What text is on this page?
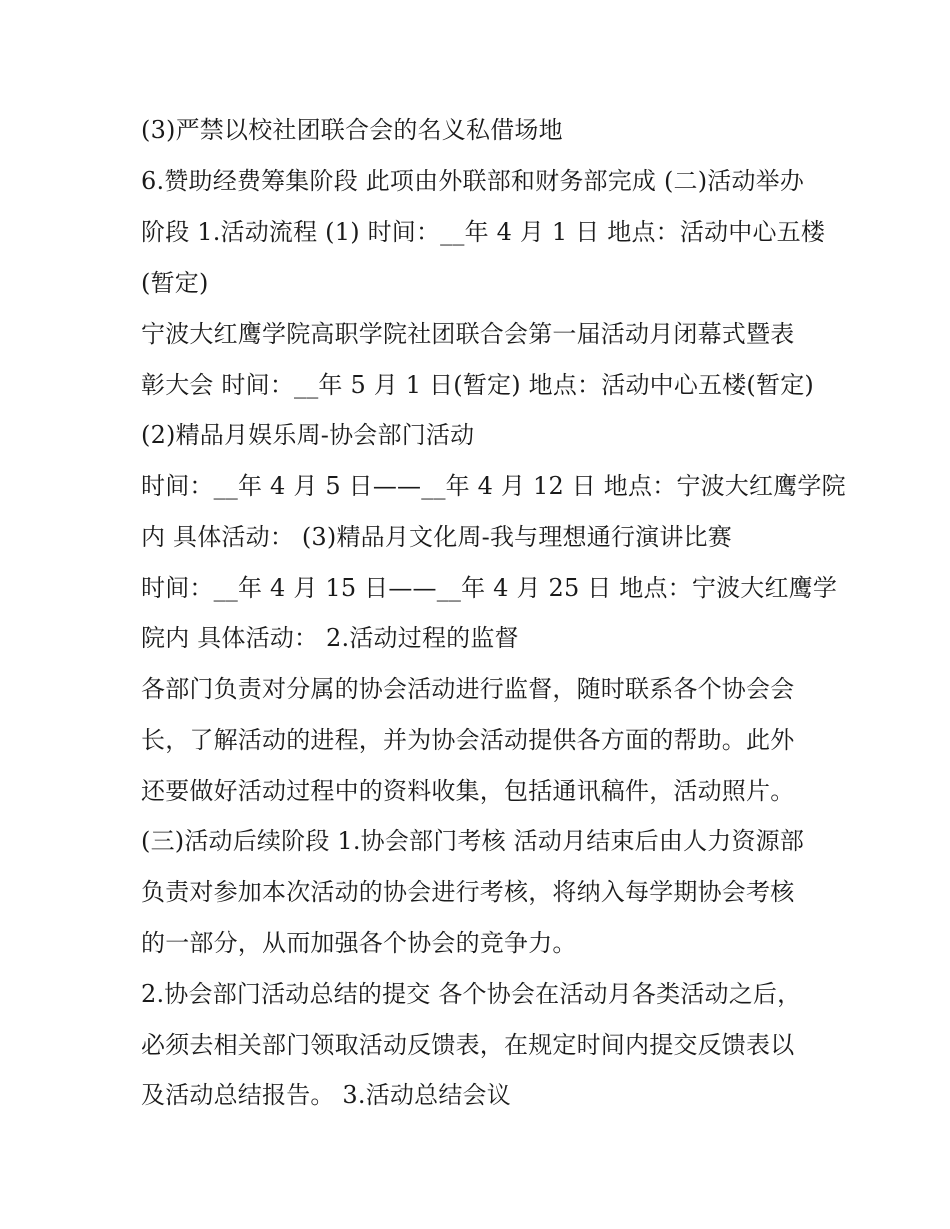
(3)严禁以校社团联合会的名义私借场地

6.赞助经费筹集阶段 此项由外联部和财务部完成 (二)活动举办

阶段 1.活动流程 (1) 时间：__年 4 月 1 日 地点：活动中心五楼

(暂定)

宁波大红鹰学院高职学院社团联合会第一届活动月闭幕式暨表

彰大会 时间：__年 5 月 1 日(暂定) 地点：活动中心五楼(暂定)

(2)精品月娱乐周-协会部门活动

时间：__年 4 月 5 日——__年 4 月 12 日 地点：宁波大红鹰学院

内 具体活动： (3)精品月文化周-我与理想通行演讲比赛

时间：__年 4 月 15 日——__年 4 月 25 日 地点：宁波大红鹰学

院内 具体活动： 2.活动过程的监督

各部门负责对分属的协会活动进行监督，随时联系各个协会会

长，了解活动的进程，并为协会活动提供各方面的帮助。此外

还要做好活动过程中的资料收集，包括通讯稿件，活动照片。

(三)活动后续阶段 1.协会部门考核 活动月结束后由人力资源部

负责对参加本次活动的协会进行考核，将纳入每学期协会考核

的一部分，从而加强各个协会的竞争力。

2.协会部门活动总结的提交 各个协会在活动月各类活动之后，

必须去相关部门领取活动反馈表，在规定时间内提交反馈表以

及活动总结报告。 3.活动总结会议
